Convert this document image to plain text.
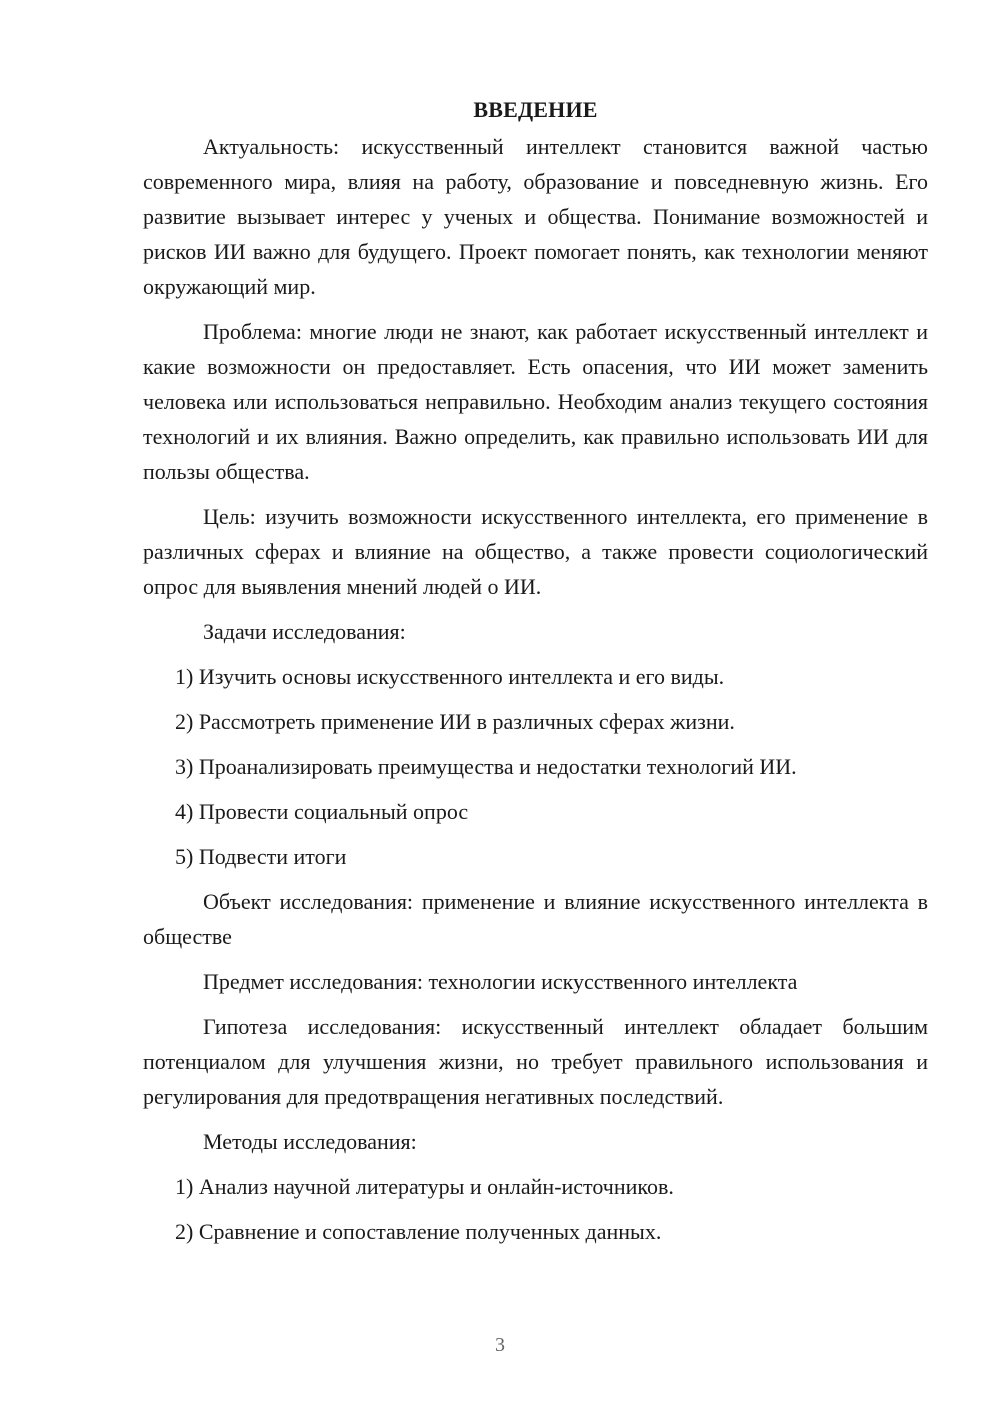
ВВЕДЕНИЕ

Актуальность: искусственный интеллект становится важной частью современного мира, влияя на работу, образование и повседневную жизнь. Его развитие вызывает интерес у ученых и общества. Понимание возможностей и рисков ИИ важно для будущего. Проект помогает понять, как технологии меняют окружающий мир.

Проблема: многие люди не знают, как работает искусственный интеллект и какие возможности он предоставляет. Есть опасения, что ИИ может заменить человека или использоваться неправильно. Необходим анализ текущего состояния технологий и их влияния. Важно определить, как правильно использовать ИИ для пользы общества.

Цель: изучить возможности искусственного интеллекта, его применение в различных сферах и влияние на общество, а также провести социологический опрос для выявления мнений людей о ИИ.

Задачи исследования:

1) Изучить основы искусственного интеллекта и его виды.

2) Рассмотреть применение ИИ в различных сферах жизни.

3) Проанализировать преимущества и недостатки технологий ИИ.

4) Провести социальный опрос

5) Подвести итоги

Объект исследования: применение и влияние искусственного интеллекта в обществе

Предмет исследования: технологии искусственного интеллекта

Гипотеза исследования: искусственный интеллект обладает большим потенциалом для улучшения жизни, но требует правильного использования и регулирования для предотвращения негативных последствий.

Методы исследования:

1) Анализ научной литературы и онлайн-источников.

2) Сравнение и сопоставление полученных данных.

3
